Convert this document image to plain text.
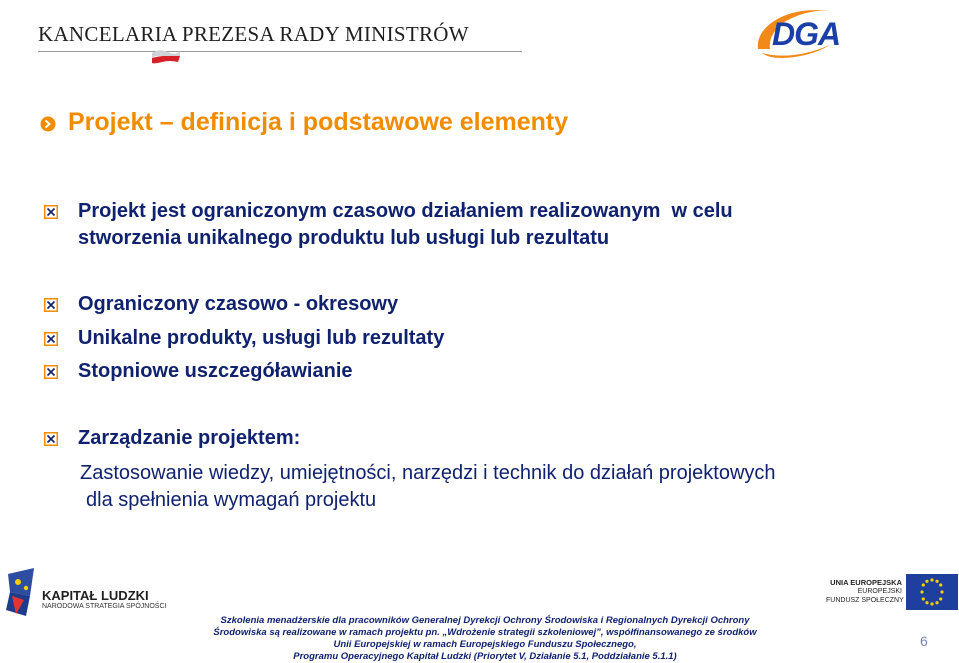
KANCELARIA PREZESA RADY MINISTRÓW	DGA
Projekt – definicja i podstawowe elementy
Projekt jest ograniczonym czasowo działaniem realizowanym  w celu
stworzenia unikalnego produktu lub usługi lub rezultatu
Ograniczony czasowo - okresowy
Unikalne produkty, usługi lub rezultaty
Stopniowe uszczegóławianie
Zarządzanie projektem:
Zastosowanie wiedzy, umiejętności, narzędzi i technik do działań projektowych
dla spełnienia wymagań projektu
KAPITAŁ LUDZKI
NARODOWA STRATEGIA SPÓJNOŚCI
UNIA EUROPEJSKA
EUROPEJSKI
FUNDUSZ SPOŁECZNY
Szkolenia menadżerskie dla pracowników Generalnej Dyrekcji Ochrony Środowiska i Regionalnych Dyrekcji Ochrony
Środowiska są realizowane w ramach projektu pn. „Wdrożenie strategii szkoleniowej”, współfinansowanego ze środków
Unii Europejskiej w ramach Europejskiego Funduszu Społecznego,
Programu Operacyjnego Kapitał Ludzki (Priorytet V, Działanie 5.1, Poddziałanie 5.1.1)
6
